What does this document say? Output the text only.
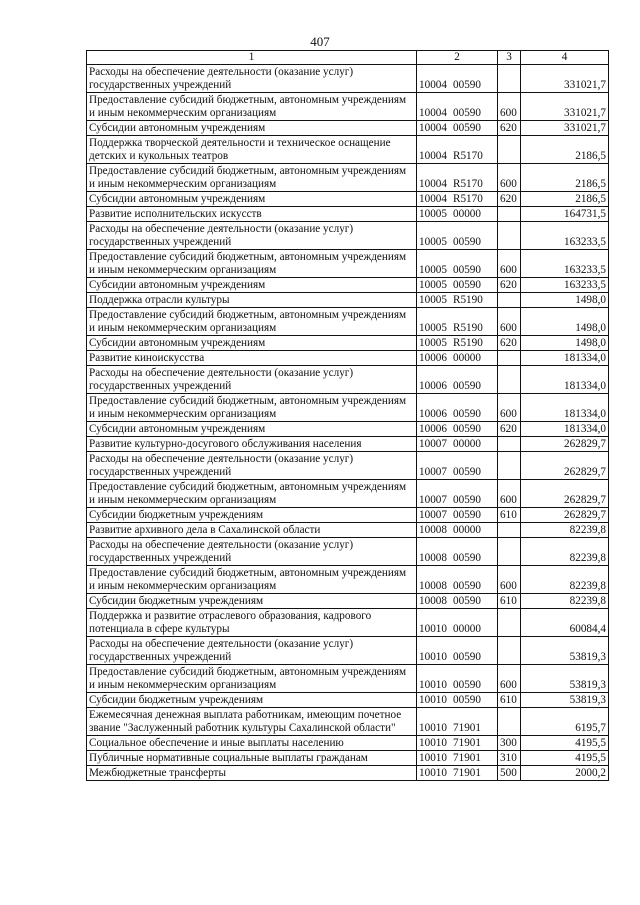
407
1	2	3	4
Расходы на обеспечение деятельности (оказание услуг) государственных учреждений	10004 00590		331021,7
Предоставление субсидий бюджетным, автономным учреждениям и иным некоммерческим организациям	10004 00590	600	331021,7
Субсидии автономным учреждениям	10004 00590	620	331021,7
Поддержка творческой деятельности и техническое оснащение детских и кукольных театров	10004 R5170		2186,5
Предоставление субсидий бюджетным, автономным учреждениям и иным некоммерческим организациям	10004 R5170	600	2186,5
Субсидии автономным учреждениям	10004 R5170	620	2186,5
Развитие исполнительских искусств	10005 00000		164731,5
Расходы на обеспечение деятельности (оказание услуг) государственных учреждений	10005 00590		163233,5
Предоставление субсидий бюджетным, автономным учреждениям и иным некоммерческим организациям	10005 00590	600	163233,5
Субсидии автономным учреждениям	10005 00590	620	163233,5
Поддержка отрасли культуры	10005 R5190		1498,0
Предоставление субсидий бюджетным, автономным учреждениям и иным некоммерческим организациям	10005 R5190	600	1498,0
Субсидии автономным учреждениям	10005 R5190	620	1498,0
Развитие киноискусства	10006 00000		181334,0
Расходы на обеспечение деятельности (оказание услуг) государственных учреждений	10006 00590		181334,0
Предоставление субсидий бюджетным, автономным учреждениям и иным некоммерческим организациям	10006 00590	600	181334,0
Субсидии автономным учреждениям	10006 00590	620	181334,0
Развитие культурно-досугового обслуживания населения	10007 00000		262829,7
Расходы на обеспечение деятельности (оказание услуг) государственных учреждений	10007 00590		262829,7
Предоставление субсидий бюджетным, автономным учреждениям и иным некоммерческим организациям	10007 00590	600	262829,7
Субсидии бюджетным учреждениям	10007 00590	610	262829,7
Развитие архивного дела в Сахалинской области	10008 00000		82239,8
Расходы на обеспечение деятельности (оказание услуг) государственных учреждений	10008 00590		82239,8
Предоставление субсидий бюджетным, автономным учреждениям и иным некоммерческим организациям	10008 00590	600	82239,8
Субсидии бюджетным учреждениям	10008 00590	610	82239,8
Поддержка и развитие отраслевого образования, кадрового потенциала в сфере культуры	10010 00000		60084,4
Расходы на обеспечение деятельности (оказание услуг) государственных учреждений	10010 00590		53819,3
Предоставление субсидий бюджетным, автономным учреждениям и иным некоммерческим организациям	10010 00590	600	53819,3
Субсидии бюджетным учреждениям	10010 00590	610	53819,3
Ежемесячная денежная выплата работникам, имеющим почетное звание "Заслуженный работник культуры Сахалинской области"	10010 71901		6195,7
Социальное обеспечение и иные выплаты населению	10010 71901	300	4195,5
Публичные нормативные социальные выплаты гражданам	10010 71901	310	4195,5
Межбюджетные трансферты	10010 71901	500	2000,2
